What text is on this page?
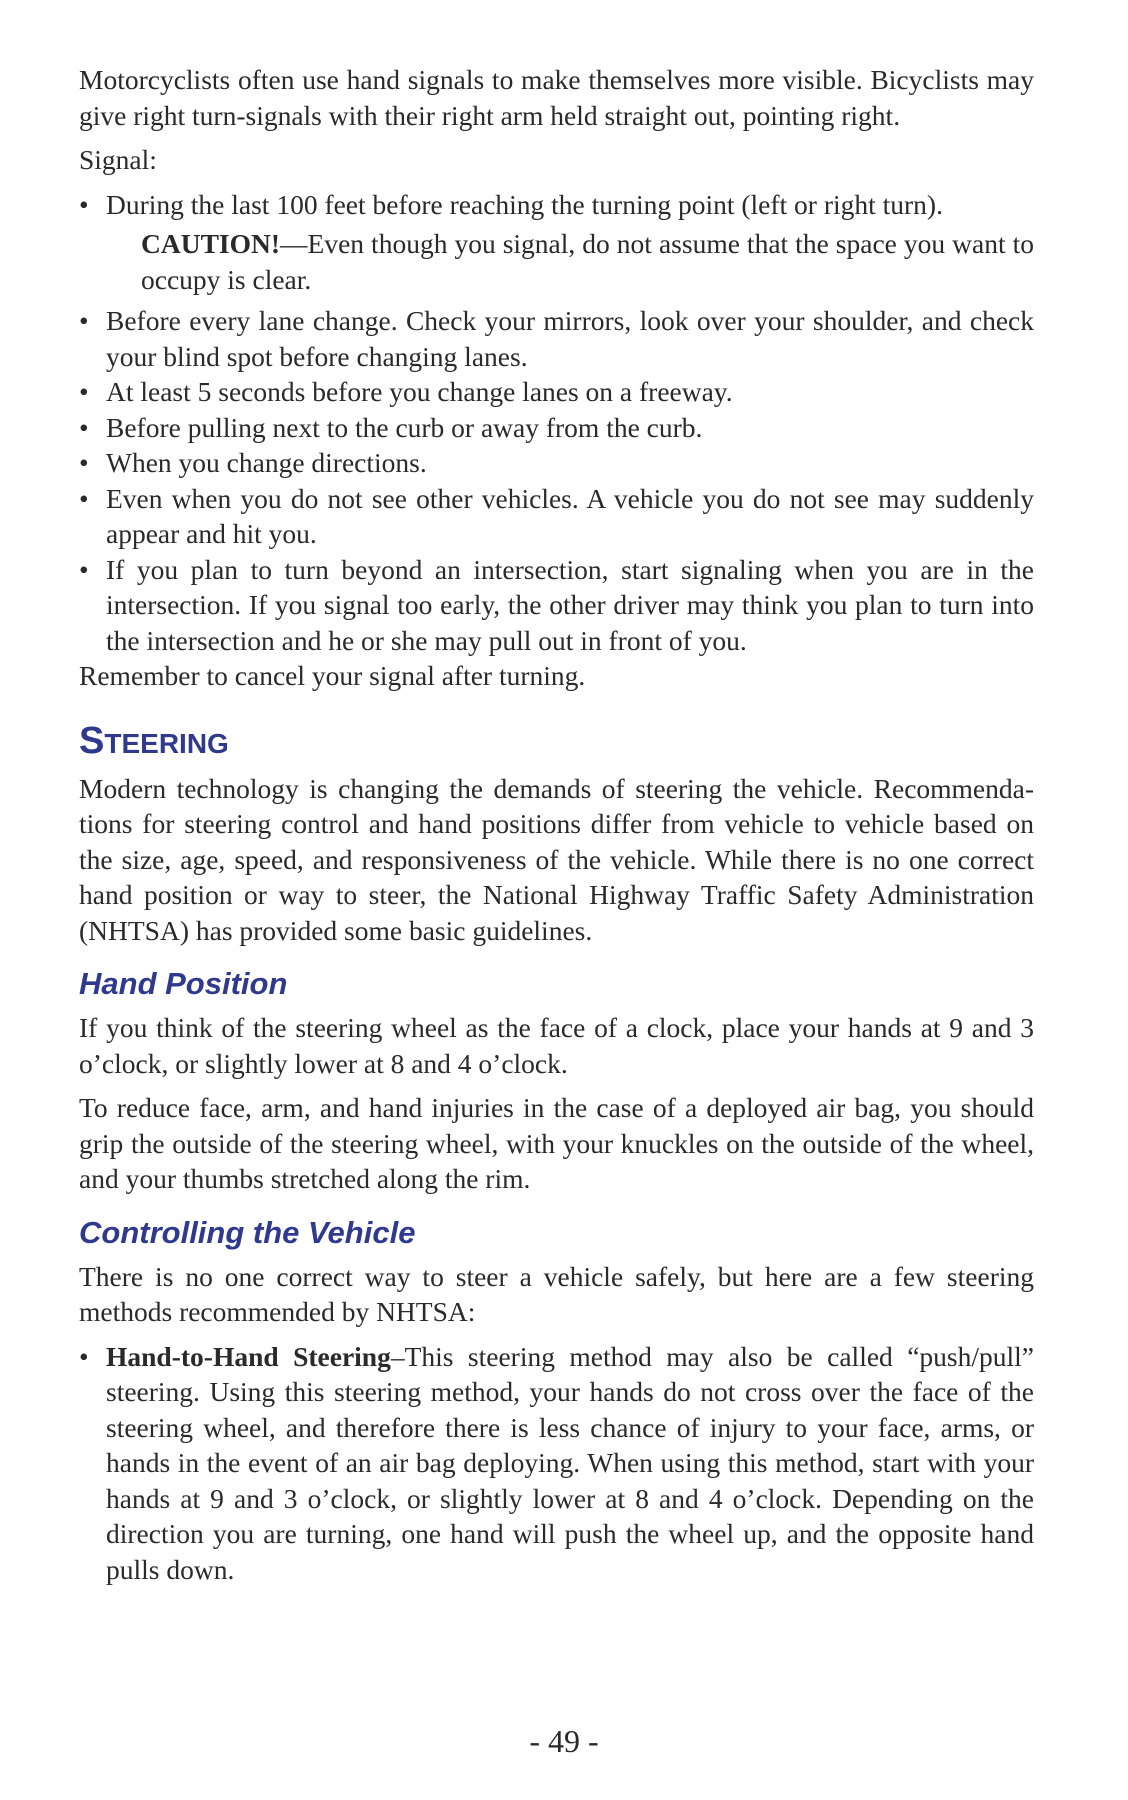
Motorcyclists often use hand signals to make themselves more visible. Bicyclists may give right turn-signals with their right arm held straight out, pointing right.

Signal:

• During the last 100 feet before reaching the turning point (left or right turn).
CAUTION!—Even though you signal, do not assume that the space you want to occupy is clear.
• Before every lane change. Check your mirrors, look over your shoulder, and check your blind spot before changing lanes.
• At least 5 seconds before you change lanes on a freeway.
• Before pulling next to the curb or away from the curb.
• When you change directions.
• Even when you do not see other vehicles. A vehicle you do not see may suddenly appear and hit you.
• If you plan to turn beyond an intersection, start signaling when you are in the intersection. If you signal too early, the other driver may think you plan to turn into the intersection and he or she may pull out in front of you.

Remember to cancel your signal after turning.

STEERING

Modern technology is changing the demands of steering the vehicle. Recommenda-tions for steering control and hand positions differ from vehicle to vehicle based on the size, age, speed, and responsiveness of the vehicle. While there is no one correct hand position or way to steer, the National Highway Traffic Safety Administration (NHTSA) has provided some basic guidelines.

Hand Position

If you think of the steering wheel as the face of a clock, place your hands at 9 and 3 o’clock, or slightly lower at 8 and 4 o’clock.

To reduce face, arm, and hand injuries in the case of a deployed air bag, you should grip the outside of the steering wheel, with your knuckles on the outside of the wheel, and your thumbs stretched along the rim.

Controlling the Vehicle

There is no one correct way to steer a vehicle safely, but here are a few steering methods recommended by NHTSA:

• Hand-to-Hand Steering–This steering method may also be called “push/pull” steering. Using this steering method, your hands do not cross over the face of the steering wheel, and therefore there is less chance of injury to your face, arms, or hands in the event of an air bag deploying. When using this method, start with your hands at 9 and 3 o’clock, or slightly lower at 8 and 4 o’clock. Depending on the direction you are turning, one hand will push the wheel up, and the opposite hand pulls down.
- 49 -
